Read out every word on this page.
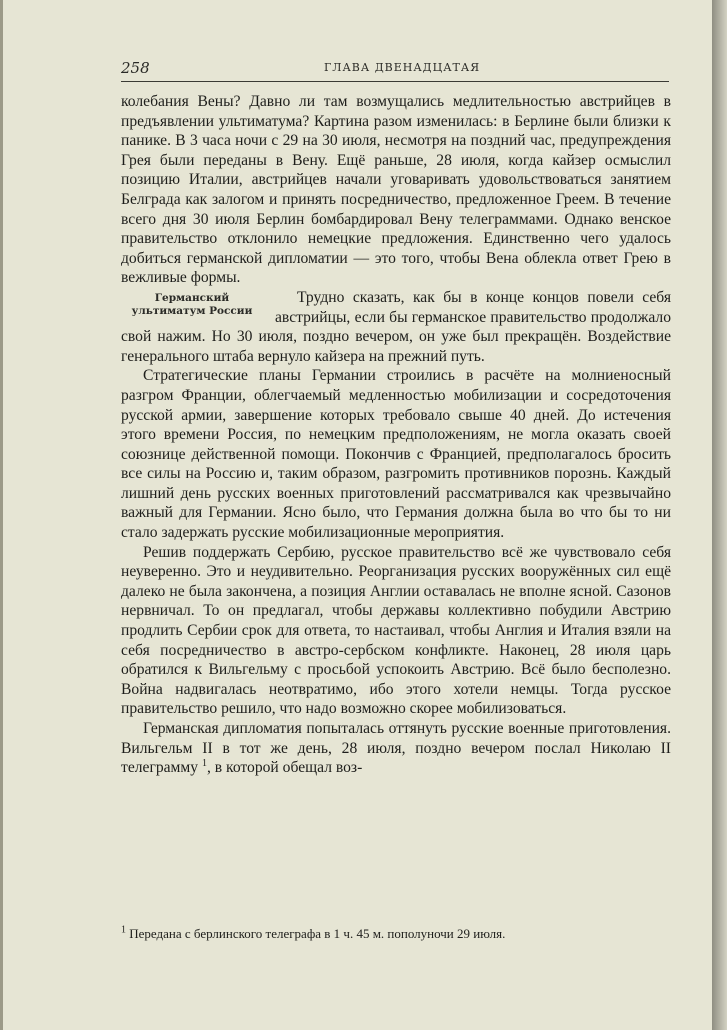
258	ГЛАВА ДВЕНАДЦАТАЯ

колебания Вены? Давно ли там возмущались медлительностью австрийцев в предъявлении ультиматума? Картина разом изменилась: в Берлине были близки к панике. В 3 часа ночи с 29 на 30 июля, несмотря на поздний час, предупреждения Грея были переданы в Вену. Ещё раньше, 28 июля, когда кайзер осмыслил позицию Италии, австрийцев начали уговаривать удовольствоваться занятием Белграда как залогом и принять посредничество, предложенное Греем. В течение всего дня 30 июля Берлин бомбардировал Вену телеграммами. Однако венское правительство отклонило немецкие предложения. Единственно чего удалось добиться германской дипломатии — это того, чтобы Вена облекла ответ Грею в вежливые формы.

Германский ультиматум России

Трудно сказать, как бы в конце концов повели себя австрийцы, если бы германское правительство продолжало свой нажим. Но 30 июля, поздно вечером, он уже был прекращён. Воздействие генерального штаба вернуло кайзера на прежний путь.

Стратегические планы Германии строились в расчёте на молниеносный разгром Франции, облегчаемый медленностью мобилизации и сосредоточения русской армии, завершение которых требовало свыше 40 дней. До истечения этого времени Россия, по немецким предположениям, не могла оказать своей союзнице действенной помощи. Покончив с Францией, предполагалось бросить все силы на Россию и, таким образом, разгромить противников порознь. Каждый лишний день русских военных приготовлений рассматривался как чрезвычайно важный для Германии. Ясно было, что Германия должна была во что бы то ни стало задержать русские мобилизационные мероприятия.

Решив поддержать Сербию, русское правительство всё же чувствовало себя неуверенно. Это и неудивительно. Реорганизация русских вооружённых сил ещё далеко не была закончена, а позиция Англии оставалась не вполне ясной. Сазонов нервничал. То он предлагал, чтобы державы коллективно побудили Австрию продлить Сербии срок для ответа, то настаивал, чтобы Англия и Италия взяли на себя посредничество в австро-сербском конфликте. Наконец, 28 июля царь обратился к Вильгельму с просьбой успокоить Австрию. Всё было бесполезно. Война надвигалась неотвратимо, ибо этого хотели немцы. Тогда русское правительство решило, что надо возможно скорее мобилизоваться.

Германская дипломатия попыталась оттянуть русские военные приготовления. Вильгельм II в тот же день, 28 июля, поздно вечером послал Николаю II телеграмму $^1$, в которой обещал воз-

$^1$ Передана с берлинского телеграфа в 1 ч. 45 м. пополуночи 29 июля.
